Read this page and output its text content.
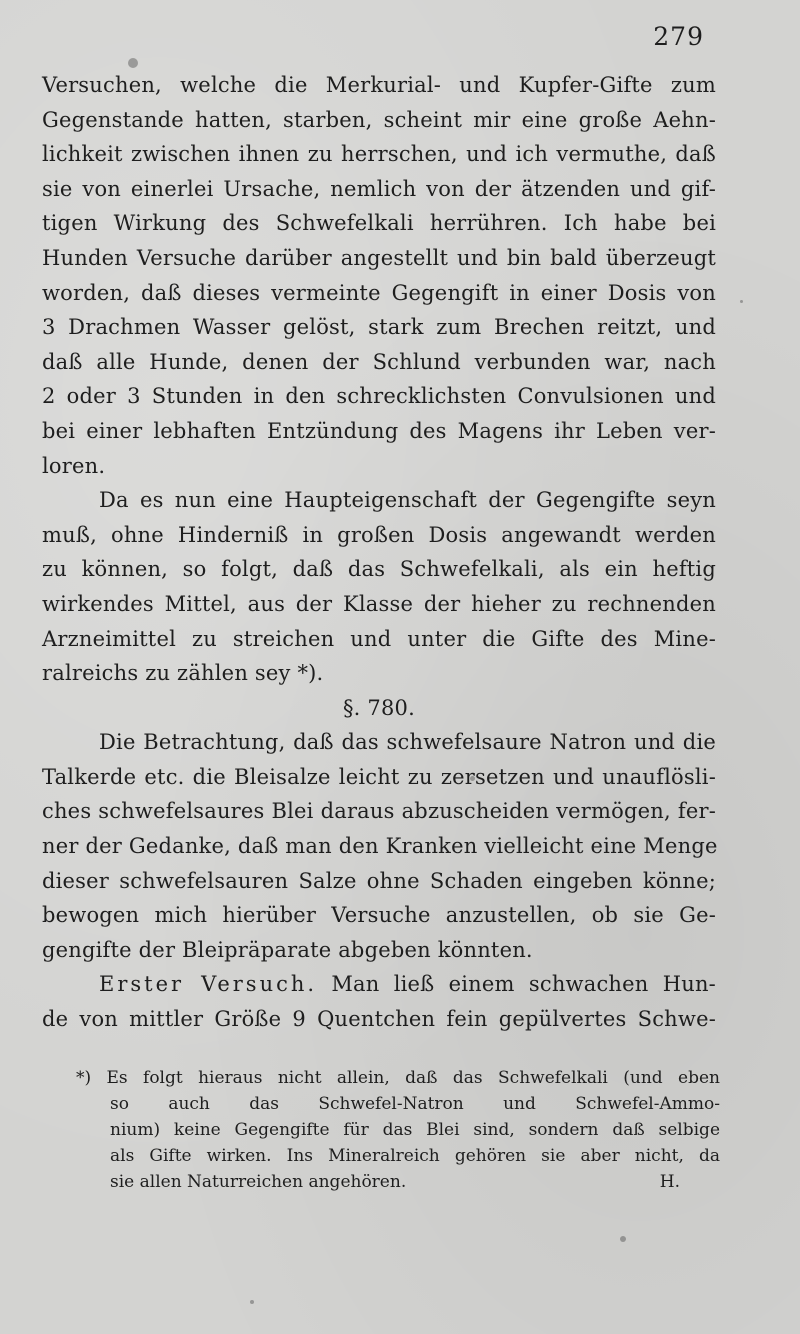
279
Versuchen, welche die Merkurial- und Kupfer-Gifte zum
Gegenstande hatten, starben, scheint mir eine große Aehn-
lichkeit zwischen ihnen zu herrschen, und ich vermuthe, daß
sie von einerlei Ursache, nemlich von der ätzenden und gif-
tigen Wirkung des Schwefelkali herrühren. Ich habe bei
Hunden Versuche darüber angestellt und bin bald überzeugt
worden, daß dieses vermeinte Gegengift in einer Dosis von
3 Drachmen Wasser gelöst, stark zum Brechen reitzt, und
daß alle Hunde, denen der Schlund verbunden war, nach
2 oder 3 Stunden in den schrecklichsten Convulsionen und
bei einer lebhaften Entzündung des Magens ihr Leben ver-
loren.
Da es nun eine Haupteigenschaft der Gegengifte seyn
muß, ohne Hinderniß in großen Dosis angewandt werden
zu können, so folgt, daß das Schwefelkali, als ein heftig
wirkendes Mittel, aus der Klasse der hieher zu rechnenden
Arzneimittel zu streichen und unter die Gifte des Mine-
ralreichs zu zählen sey *).
§. 780.
Die Betrachtung, daß das schwefelsaure Natron und die
Talkerde etc. die Bleisalze leicht zu zersetzen und unauflösli-
ches schwefelsaures Blei daraus abzuscheiden vermögen, fer-
ner der Gedanke, daß man den Kranken vielleicht eine Menge
dieser schwefelsauren Salze ohne Schaden eingeben könne;
bewogen mich hierüber Versuche anzustellen, ob sie Ge-
gengifte der Bleipräparate abgeben könnten.
Erster Versuch. Man ließ einem schwachen Hun-
de von mittler Größe 9 Quentchen fein gepülvertes Schwe-
*) Es folgt hieraus nicht allein, daß das Schwefelkali (und eben
so auch das Schwefel-Natron und Schwefel-Ammo-
nium) keine Gegengifte für das Blei sind, sondern daß selbige
als Gifte wirken. Ins Mineralreich gehören sie aber nicht, da
sie allen Naturreichen angehören.	H.
